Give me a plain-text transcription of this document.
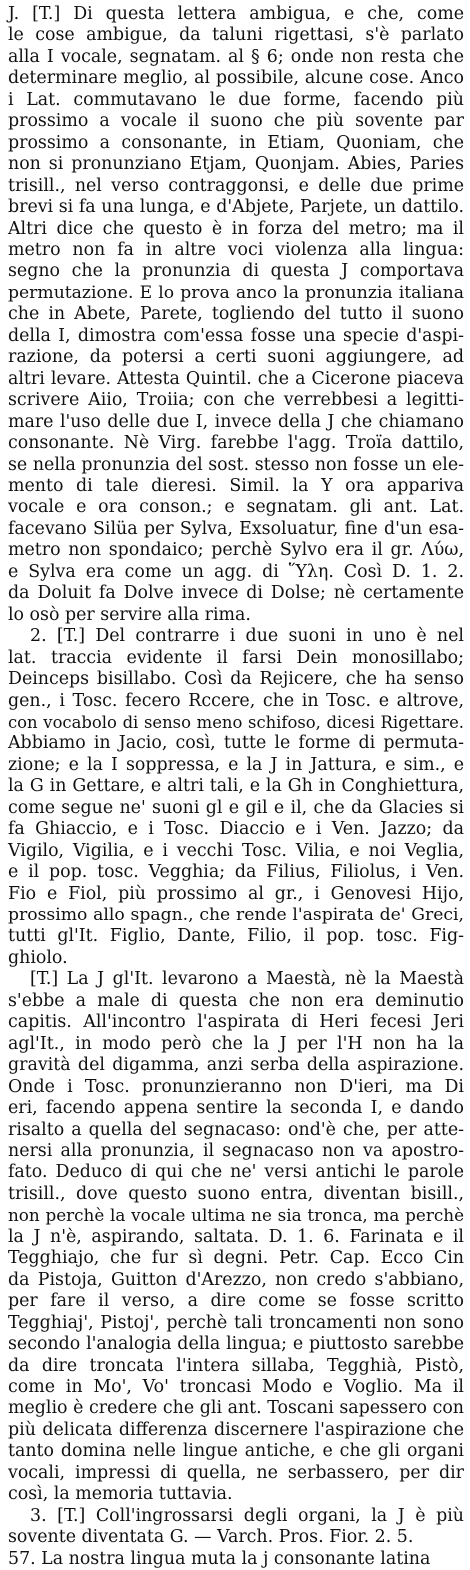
J. [T.] Di questa lettera ambigua, e che, come
le cose ambigue, da taluni rigettasi, s'è parlato
alla I vocale, segnatam. al § 6; onde non resta che
determinare meglio, al possibile, alcune cose. Anco
i Lat. commutavano le due forme, facendo più
prossimo a vocale il suono che più sovente par
prossimo a consonante, in Etiam, Quoniam, che
non si pronunziano Etjam, Quonjam. Abies, Paries
trisill., nel verso contraggonsi, e delle due prime
brevi si fa una lunga, e d'Abjete, Parjete, un dattilo.
Altri dice che questo è in forza del metro; ma il
metro non fa in altre voci violenza alla lingua:
segno che la pronunzia di questa J comportava
permutazione. E lo prova anco la pronunzia italiana
che in Abete, Parete, togliendo del tutto il suono
della I, dimostra com'essa fosse una specie d'aspi-
razione, da potersi a certi suoni aggiungere, ad
altri levare. Attesta Quintil. che a Cicerone piaceva
scrivere Aiio, Troiia; con che verrebbesi a legitti-
mare l'uso delle due I, invece della J che chiamano
consonante. Nè Virg. farebbe l'agg. Troïa dattilo,
se nella pronunzia del sost. stesso non fosse un ele-
mento di tale dieresi. Simil. la Y ora appariva
vocale e ora conson.; e segnatam. gli ant. Lat.
facevano Silüa per Sylva, Exsoluatur, fine d'un esa-
metro non spondaico; perchè Sylvo era il gr. Λύω,
e Sylva era come un agg. di Ὕλη. Così D. 1. 2.
da Doluit fa Dolve invece di Dolse; nè certamente
lo osò per servire alla rima.
2. [T.] Del contrarre i due suoni in uno è nel
lat. traccia evidente il farsi Dein monosillabo;
Deinceps bisillabo. Così da Rejicere, che ha senso
gen., i Tosc. fecero Rccere, che in Tosc. e altrove,
con vocabolo di senso meno schifoso, dicesi Rigettare.
Abbiamo in Jacio, così, tutte le forme di permuta-
zione; e la I soppressa, e la J in Jattura, e sim., e
la G in Gettare, e altri tali, e la Gh in Conghiettura,
come segue ne' suoni gl e gil e il, che da Glacies si
fa Ghiaccio, e i Tosc. Diaccio e i Ven. Jazzo; da
Vigilo, Vigilia, e i vecchi Tosc. Vilia, e noi Veglia,
e il pop. tosc. Vegghia; da Filius, Filiolus, i Ven.
Fio e Fiol, più prossimo al gr., i Genovesi Hijo,
prossimo allo spagn., che rende l'aspirata de' Greci,
tutti gl'It. Figlio, Dante, Filio, il pop. tosc. Fig-
ghiolo.
[T.] La J gl'It. levarono a Maestà, nè la Maestà
s'ebbe a male di questa che non era deminutio
capitis. All'incontro l'aspirata di Heri fecesi Jeri
agl'It., in modo però che la J per l'H non ha la
gravità del digamma, anzi serba della aspirazione.
Onde i Tosc. pronunzieranno non D'ieri, ma Di
eri, facendo appena sentire la seconda I, e dando
risalto a quella del segnacaso: ond'è che, per atte-
nersi alla pronunzia, il segnacaso non va apostro-
fato. Deduco di qui che ne' versi antichi le parole
trisill., dove questo suono entra, diventan bisill.,
non perchè la vocale ultima ne sia tronca, ma perchè
la J n'è, aspirando, saltata. D. 1. 6. Farinata e il
Tegghiajo, che fur sì degni. Petr. Cap. Ecco Cin
da Pistoja, Guitton d'Arezzo, non credo s'abbiano,
per fare il verso, a dire come se fosse scritto
Tegghiaj', Pistoj', perchè tali troncamenti non sono
secondo l'analogia della lingua; e piuttosto sarebbe
da dire troncata l'intera sillaba, Tegghià, Pistò,
come in Mo', Vo' troncasi Modo e Voglio. Ma il
meglio è credere che gli ant. Toscani sapessero con
più delicata differenza discernere l'aspirazione che
tanto domina nelle lingue antiche, e che gli organi
vocali, impressi di quella, ne serbassero, per dir
così, la memoria tuttavia.
3. [T.] Coll'ingrossarsi degli organi, la J è più
sovente diventata G. — Varch. Pros. Fior. 2. 5.
57. La nostra lingua muta la j consonante latina
